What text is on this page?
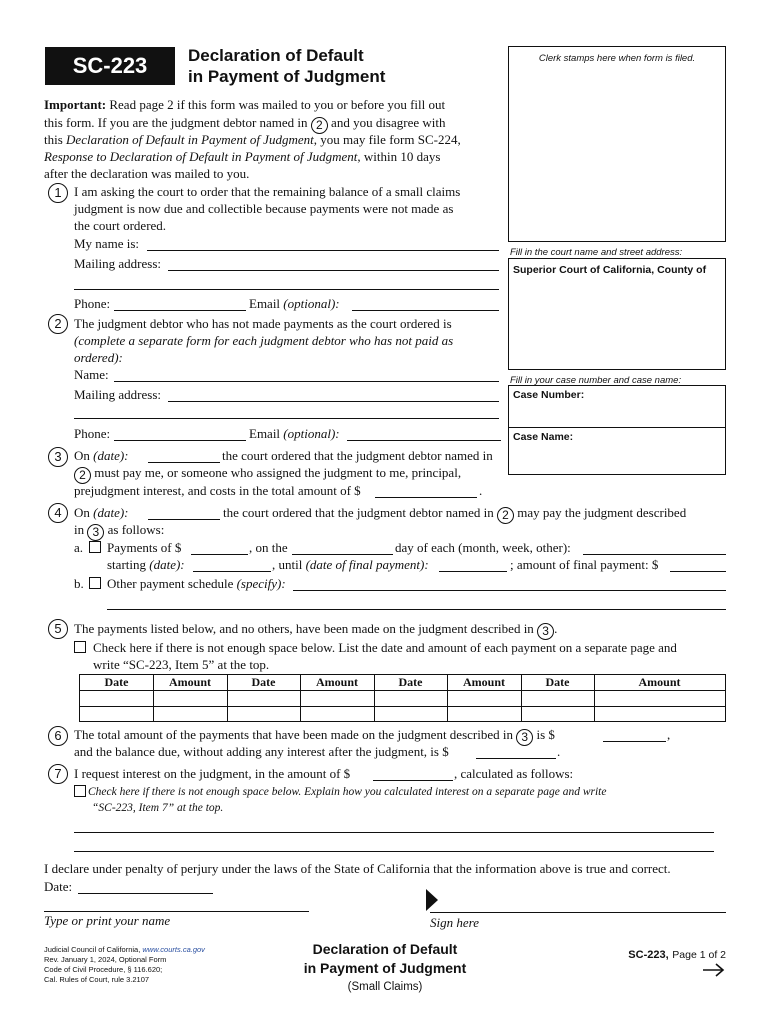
SC-223	Declaration of Default
in Payment of Judgment
Clerk stamps here when form is filed.
Fill in the court name and street address:
Superior Court of California, County of
Fill in your case number and case name:
Case Number:
Case Name:
Important: Read page 2 if this form was mailed to you or before you fill out
this form. If you are the judgment debtor named in 2 and you disagree with
this Declaration of Default in Payment of Judgment, you may file form SC-224,
Response to Declaration of Default in Payment of Judgment, within 10 days
after the declaration was mailed to you.
1 I am asking the court to order that the remaining balance of a small claims
judgment is now due and collectible because payments were not made as
the court ordered.
My name is:
Mailing address:
Phone:	Email (optional):
2 The judgment debtor who has not made payments as the court ordered is
(complete a separate form for each judgment debtor who has not paid as
ordered):
Name:
Mailing address:
Phone:	Email (optional):
3 On (date):	the court ordered that the judgment debtor named in
2 must pay me, or someone who assigned the judgment to me, principal,
prejudgment interest, and costs in the total amount of $	.
4 On (date):	the court ordered that the judgment debtor named in 2 may pay the judgment described
in 3 as follows:
a. Payments of $	, on the	day of each (month, week, other):
starting (date):	, until (date of final payment):	; amount of final payment: $
b. Other payment schedule (specify):
5 The payments listed below, and no others, have been made on the judgment described in 3 .
Check here if there is not enough space below. List the date and amount of each payment on a separate page and
write “SC-223, Item 5” at the top.
Date	Amount	Date	Amount	Date	Amount	Date	Amount
6 The total amount of the payments that have been made on the judgment described in 3 is $	,
and the balance due, without adding any interest after the judgment, is $	.
7 I request interest on the judgment, in the amount of $	, calculated as follows:
Check here if there is not enough space below. Explain how you calculated interest on a separate page and write
“SC-223, Item 7” at the top.
I declare under penalty of perjury under the laws of the State of California that the information above is true and correct.
Date:
Type or print your name	Sign here
Judicial Council of California, www.courts.ca.gov
Rev. January 1, 2024, Optional Form
Code of Civil Procedure, § 116.620;
Cal. Rules of Court, rule 3.2107
Declaration of Default
in Payment of Judgment
(Small Claims)
SC-223, Page 1 of 2
